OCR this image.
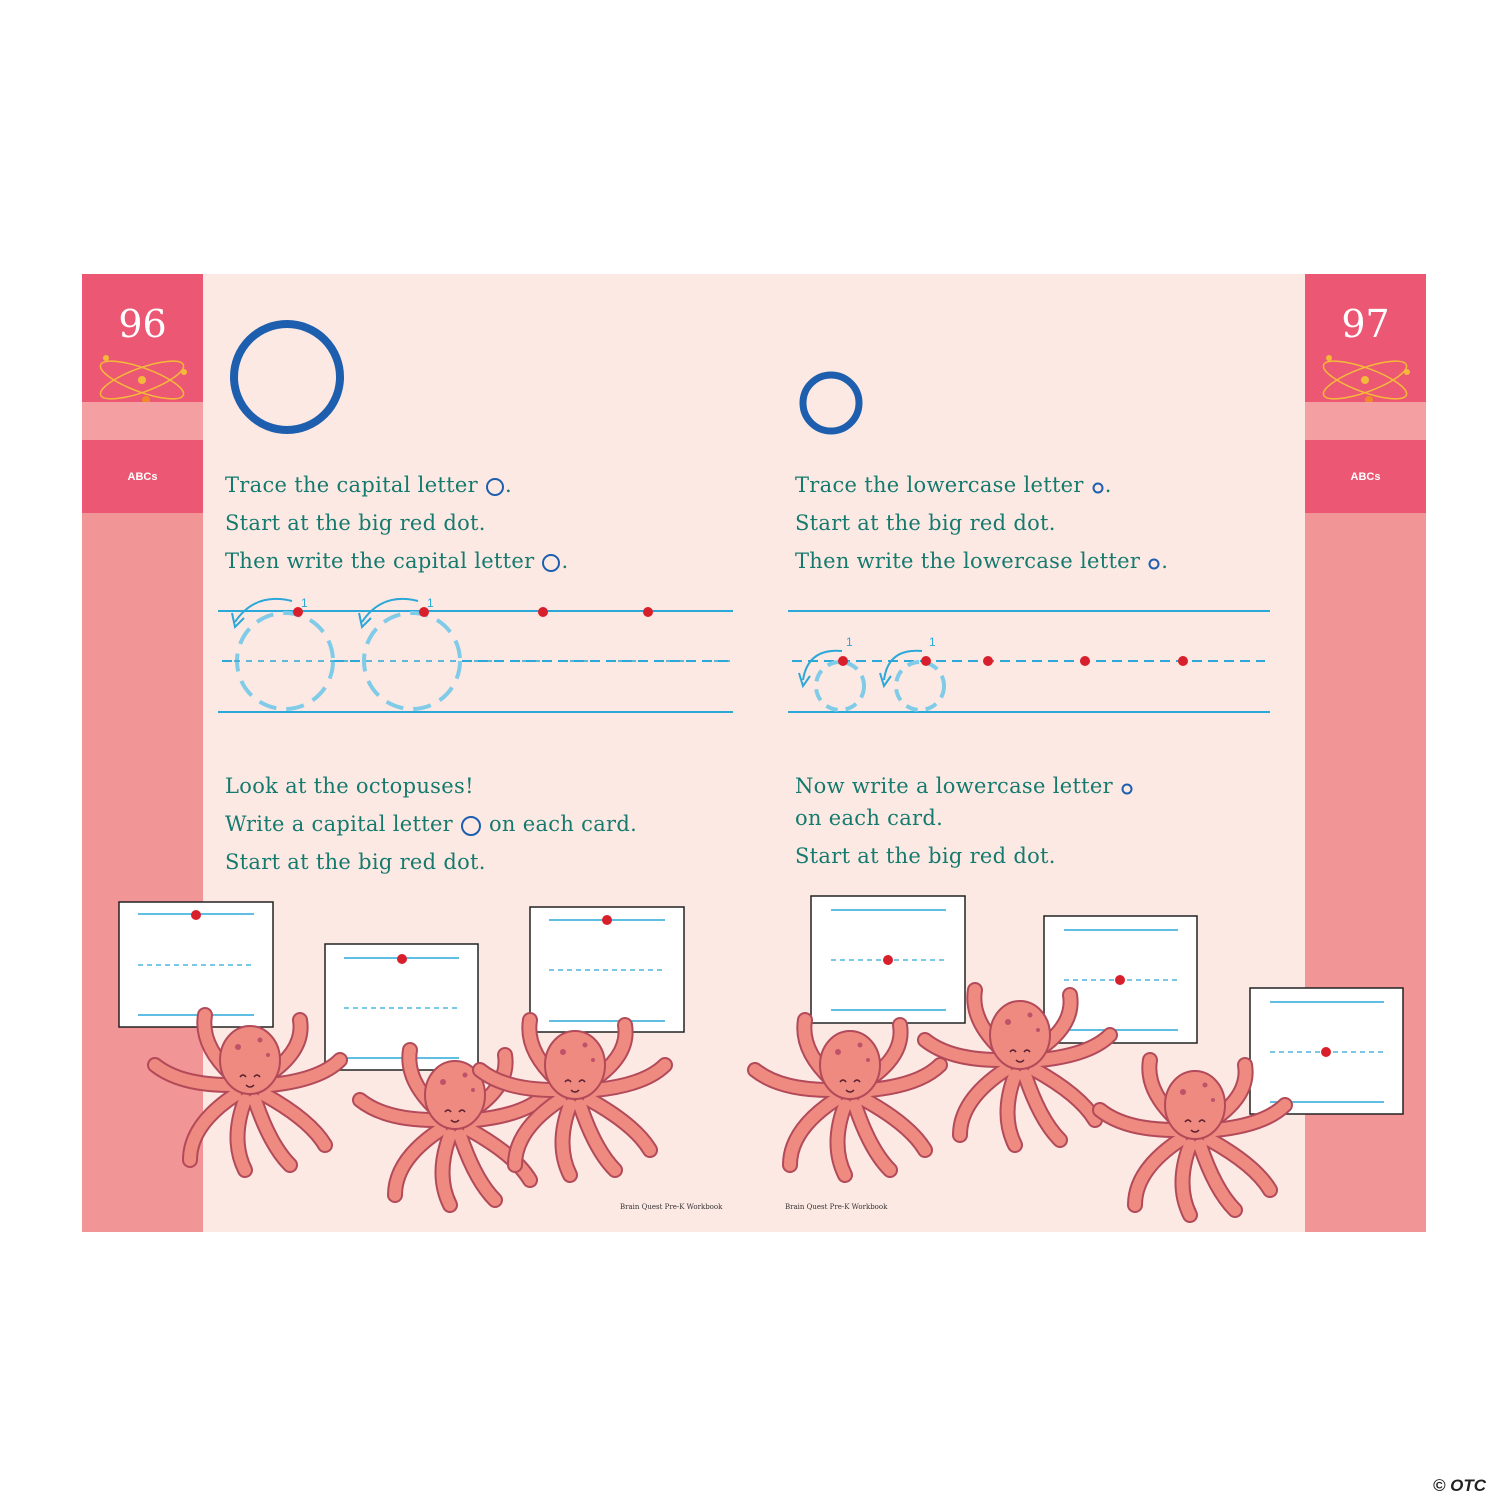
96
ABCs
97
ABCs
Trace the capital letter .
Start at the big red dot.
Then write the capital letter .
Look at the octopuses!
Write a capital letter on each card.
Start at the big red dot.
Trace the lowercase letter .
Start at the big red dot.
Then write the lowercase letter .
Now write a lowercase letter
on each card.
Start at the big red dot.
1	1
1	1
Brain Quest Pre-K Workbook	Brain Quest Pre-K Workbook
© OTC
